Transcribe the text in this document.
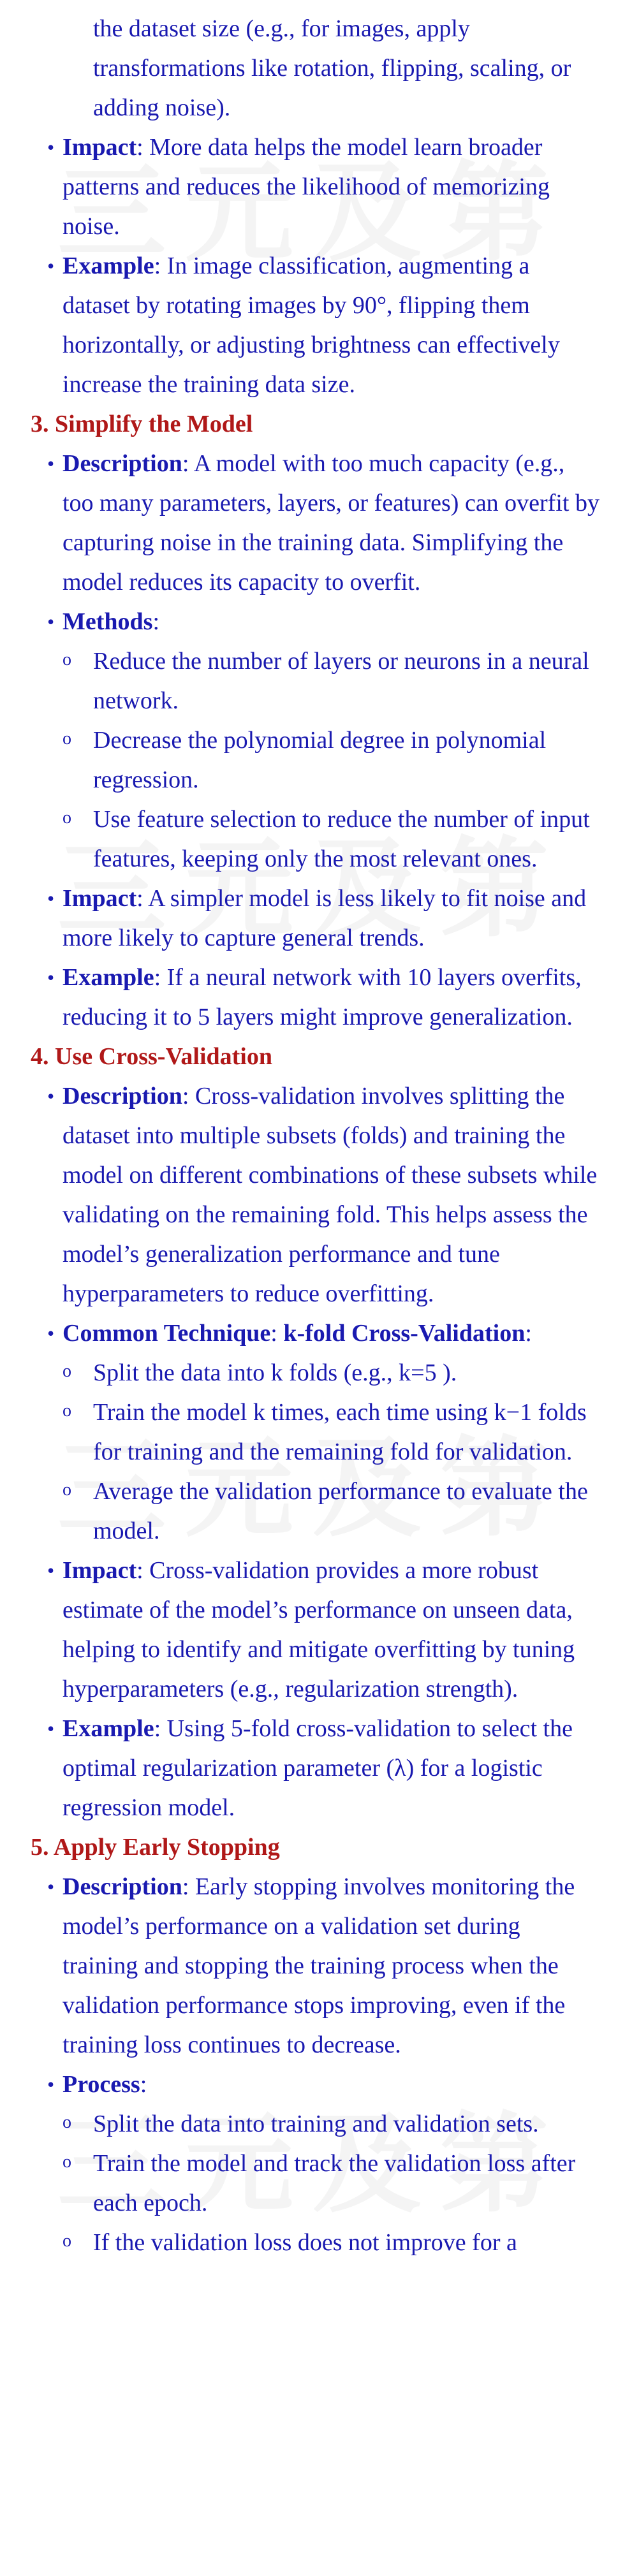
the dataset size (e.g., for images, apply transformations like rotation, flipping, scaling, or adding noise).
• Impact: More data helps the model learn broader patterns and reduces the likelihood of memorizing noise.
• Example: In image classification, augmenting a dataset by rotating images by 90°, flipping them horizontally, or adjusting brightness can effectively increase the training data size.
3. Simplify the Model
• Description: A model with too much capacity (e.g., too many parameters, layers, or features) can overfit by capturing noise in the training data. Simplifying the model reduces its capacity to overfit.
• Methods:
o Reduce the number of layers or neurons in a neural network.
o Decrease the polynomial degree in polynomial regression.
o Use feature selection to reduce the number of input features, keeping only the most relevant ones.
• Impact: A simpler model is less likely to fit noise and more likely to capture general trends.
• Example: If a neural network with 10 layers overfits, reducing it to 5 layers might improve generalization.
4. Use Cross-Validation
• Description: Cross-validation involves splitting the dataset into multiple subsets (folds) and training the model on different combinations of these subsets while validating on the remaining fold. This helps assess the model’s generalization performance and tune hyperparameters to reduce overfitting.
• Common Technique: k-fold Cross-Validation:
o Split the data into k folds (e.g., k=5 ).
o Train the model k times, each time using k−1 folds for training and the remaining fold for validation.
o Average the validation performance to evaluate the model.
• Impact: Cross-validation provides a more robust estimate of the model’s performance on unseen data, helping to identify and mitigate overfitting by tuning hyperparameters (e.g., regularization strength).
• Example: Using 5-fold cross-validation to select the optimal regularization parameter (λ) for a logistic regression model.
5. Apply Early Stopping
• Description: Early stopping involves monitoring the model’s performance on a validation set during training and stopping the training process when the validation performance stops improving, even if the training loss continues to decrease.
• Process:
o Split the data into training and validation sets.
o Train the model and track the validation loss after each epoch.
o If the validation loss does not improve for a
